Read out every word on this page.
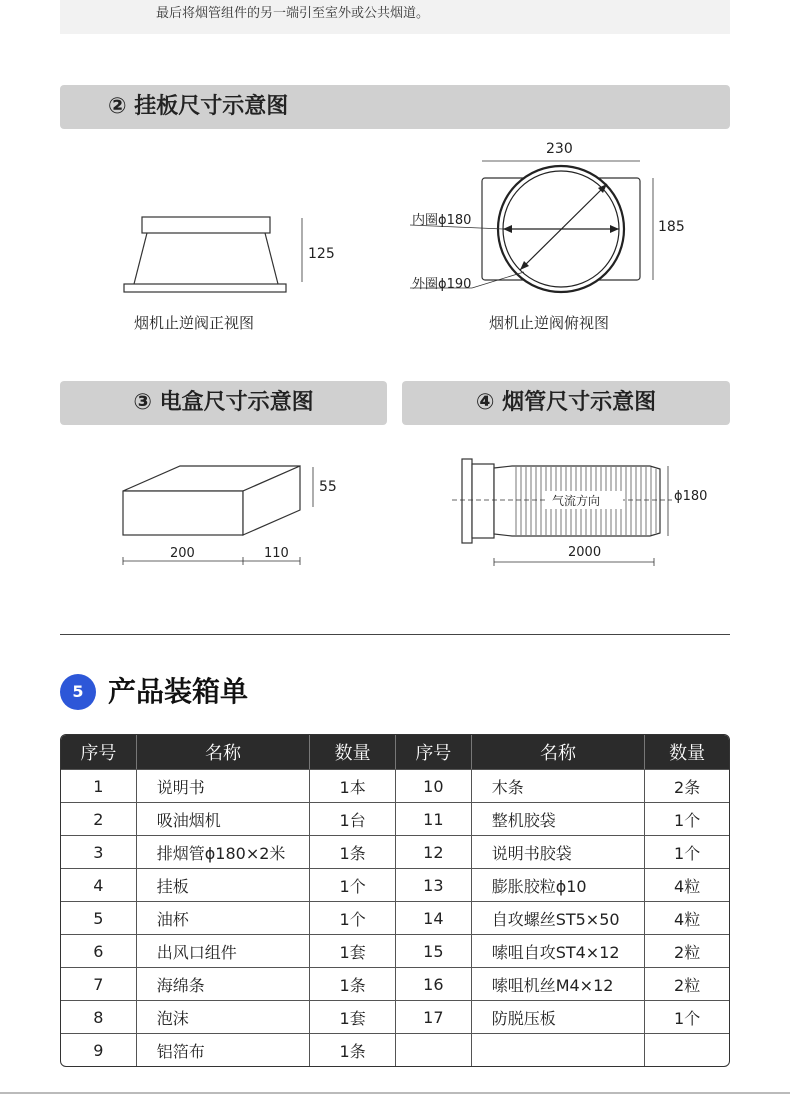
最后将烟管组件的另一端引至室外或公共烟道。
② 挂板尺寸示意图
125
烟机止逆阀正视图
230
185
内圈ϕ180
外圈ϕ190
烟机止逆阀俯视图
③ 电盒尺寸示意图	④ 烟管尺寸示意图
55
200	110
气流方向	ϕ180
2000
5 产品装箱单
序号	名称	数量	序号	名称	数量
1	说明书	1本	10	木条	2条
2	吸油烟机	1台	11	整机胶袋	1个
3	排烟管ϕ180×2米	1条	12	说明书胶袋	1个
4	挂板	1个	13	膨胀胶粒ϕ10	4粒
5	油杯	1个	14	自攻螺丝ST5×50	4粒
6	出风口组件	1套	15	嗦咀自攻ST4×12	2粒
7	海绵条	1条	16	嗦咀机丝M4×12	2粒
8	泡沫	1套	17	防脱压板	1个
9	铝箔布	1条			
